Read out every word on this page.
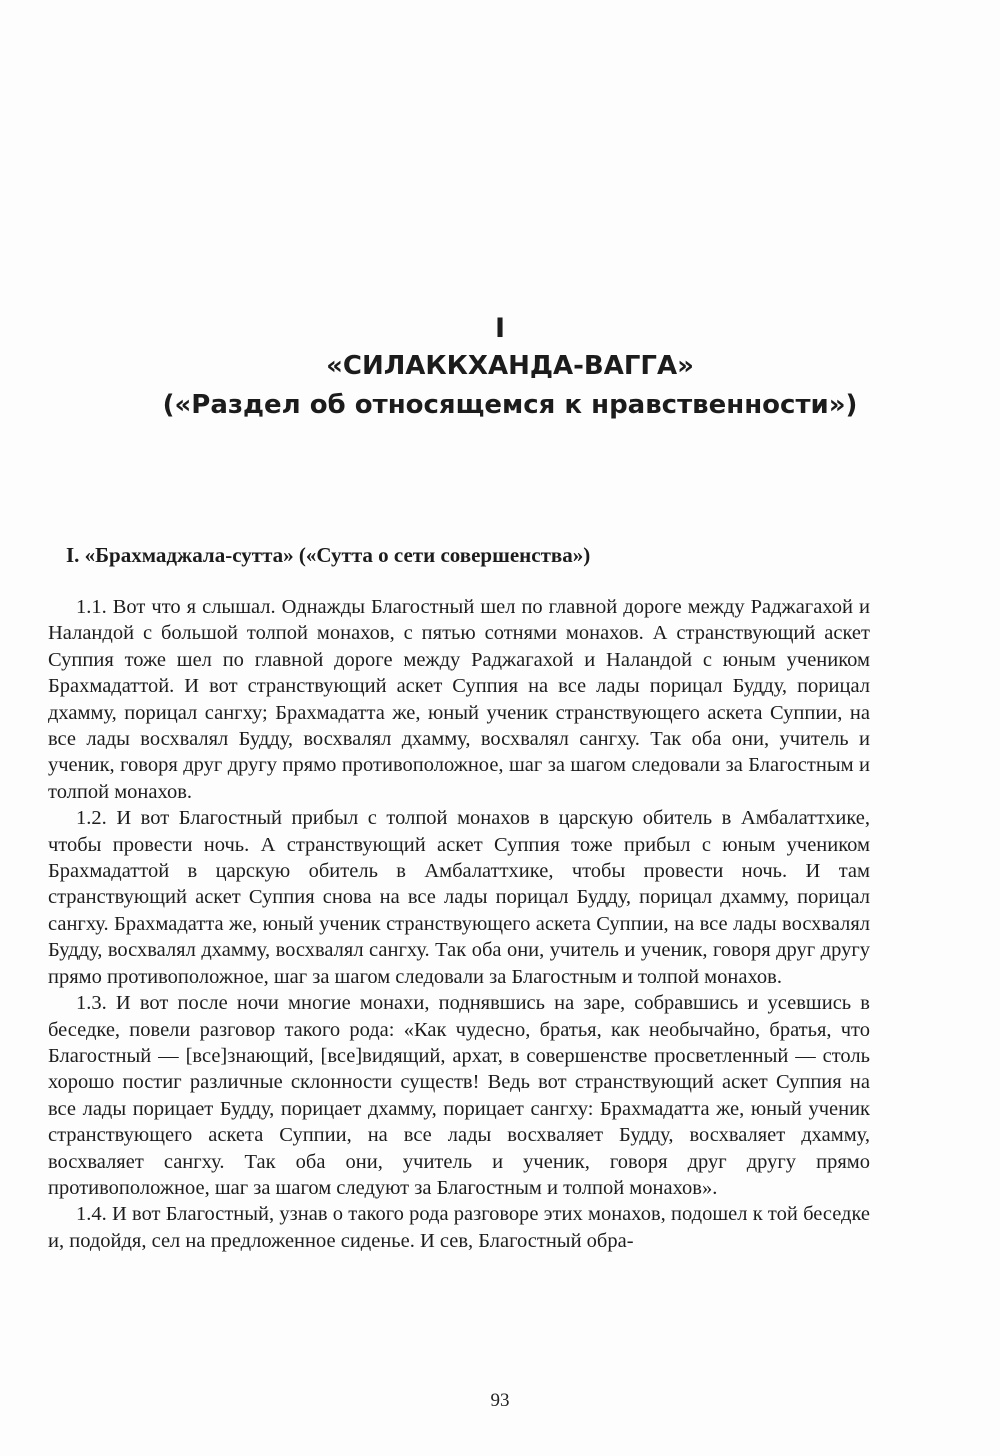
I
«СИЛАККХАНДА-ВАГГА»
(«Раздел об относящемся к нравственности»)
I. «Брахмаджала-сутта» («Сутта о сети совершенства»)

1.1. Вот что я слышал. Однажды Благостный шел по главной дороге между Раджагахой и Наландой с большой толпой монахов, с пятью сотнями монахов. А странствующий аскет Суппия тоже шел по главной дороге между Раджагахой и Наландой с юным учеником Брахмадаттой. И вот странствующий аскет Суппия на все лады порицал Будду, порицал дхамму, порицал сангху; Брахмадатта же, юный ученик странствующего аскета Суппии, на все лады восхвалял Будду, восхвалял дхамму, восхвалял сангху. Так оба они, учитель и ученик, говоря друг другу прямо противоположное, шаг за шагом следовали за Благостным и толпой монахов.

1.2. И вот Благостный прибыл с толпой монахов в царскую обитель в Амбалаттхике, чтобы провести ночь. А странствующий аскет Суппия тоже прибыл с юным учеником Брахмадаттой в царскую обитель в Амбалаттхике, чтобы провести ночь. И там странствующий аскет Суппия снова на все лады порицал Будду, порицал дхамму, порицал сангху. Брахмадатта же, юный ученик странствующего аскета Суппии, на все лады восхвалял Будду, восхвалял дхамму, восхвалял сангху. Так оба они, учитель и ученик, говоря друг другу прямо противоположное, шаг за шагом следовали за Благостным и толпой монахов.

1.3. И вот после ночи многие монахи, поднявшись на заре, собравшись и усевшись в беседке, повели разговор такого рода: «Как чудесно, братья, как необычайно, братья, что Благостный — [все]знающий, [все]видящий, архат, в совершенстве просветленный — столь хорошо постиг различные склонности существ! Ведь вот странствующий аскет Суппия на все лады порицает Будду, порицает дхамму, порицает сангху: Брахмадатта же, юный ученик странствующего аскета Суппии, на все лады восхваляет Будду, восхваляет дхамму, восхваляет сангху. Так оба они, учитель и ученик, говоря друг другу прямо противоположное, шаг за шагом следуют за Благостным и толпой монахов».

1.4. И вот Благостный, узнав о такого рода разговоре этих монахов, подошел к той беседке и, подойдя, сел на предложенное сиденье. И сев, Благостный обра-

93
